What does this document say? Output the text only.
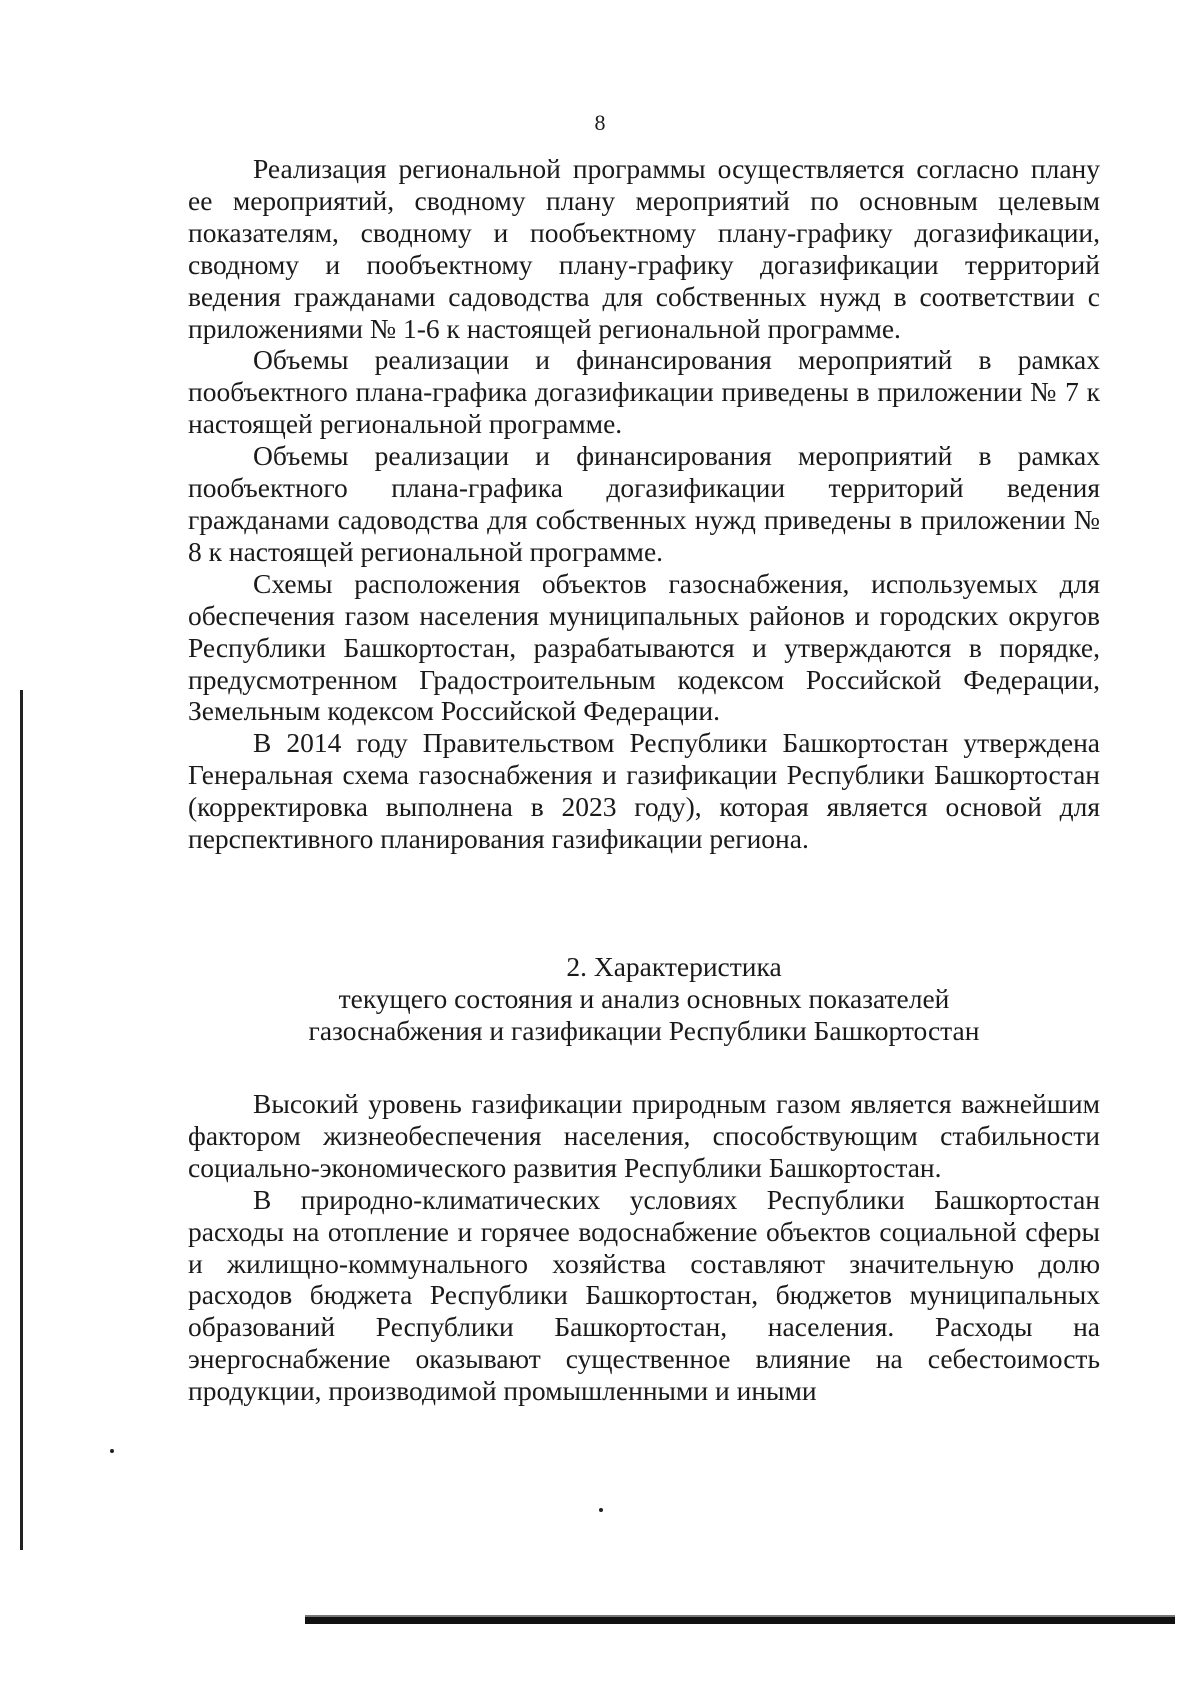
8

Реализация региональной программы осуществляется согласно плану ее мероприятий, сводному плану мероприятий по основным целевым показателям, сводному и пообъектному плану-графику догазификации, сводному и пообъектному плану-графику догазификации территорий ведения гражданами садоводства для собственных нужд в соответствии с приложениями № 1-6 к настоящей региональной программе.

Объемы реализации и финансирования мероприятий в рамках пообъектного плана-графика догазификации приведены в приложении № 7 к настоящей региональной программе.

Объемы реализации и финансирования мероприятий в рамках пообъектного плана-графика догазификации территорий ведения гражданами садоводства для собственных нужд приведены в приложении № 8 к настоящей региональной программе.

Схемы расположения объектов газоснабжения, используемых для обеспечения газом населения муниципальных районов и городских округов Республики Башкортостан, разрабатываются и утверждаются в порядке, предусмотренном Градостроительным кодексом Российской Федерации, Земельным кодексом Российской Федерации.

В 2014 году Правительством Республики Башкортостан утверждена Генеральная схема газоснабжения и газификации Республики Башкортостан (корректировка выполнена в 2023 году), которая является основой для перспективного планирования газификации региона.

2. Характеристика
текущего состояния и анализ основных показателей
газоснабжения и газификации Республики Башкортостан

Высокий уровень газификации природным газом является важнейшим фактором жизнеобеспечения населения, способствующим стабильности социально-экономического развития Республики Башкортостан.

В природно-климатических условиях Республики Башкортостан расходы на отопление и горячее водоснабжение объектов социальной сферы и жилищно-коммунального хозяйства составляют значительную долю расходов бюджета Республики Башкортостан, бюджетов муниципальных образований Республики Башкортостан, населения. Расходы на энергоснабжение оказывают существенное влияние на себестоимость продукции, производимой промышленными и иными
